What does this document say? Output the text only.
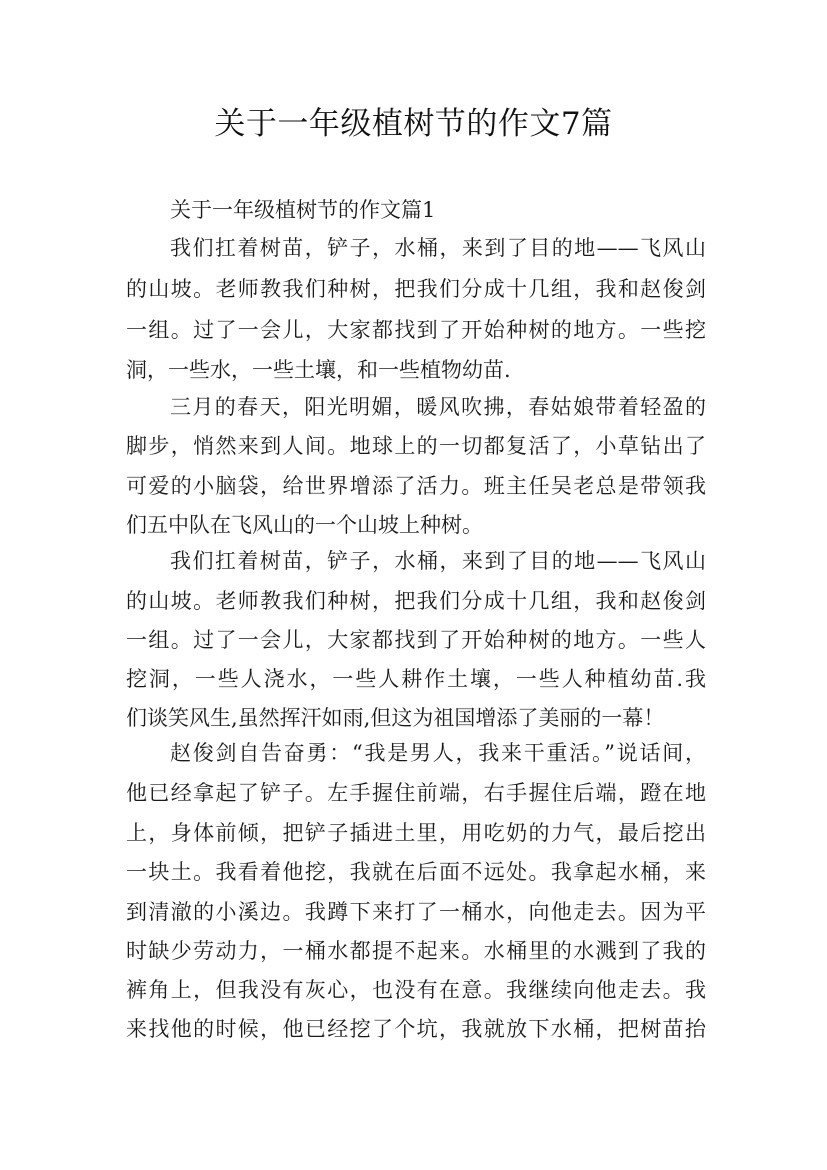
关于一年级植树节的作文7篇
关于一年级植树节的作文篇1
我们扛着树苗，铲子，水桶，来到了目的地——飞风山
的山坡。老师教我们种树，把我们分成十几组，我和赵俊剑
一组。过了一会儿，大家都找到了开始种树的地方。一些挖
洞，一些水，一些土壤，和一些植物幼苗.
三月的春天，阳光明媚，暖风吹拂，春姑娘带着轻盈的
脚步，悄然来到人间。地球上的一切都复活了，小草钻出了
可爱的小脑袋，给世界增添了活力。班主任吴老总是带领我
们五中队在飞风山的一个山坡上种树。
我们扛着树苗，铲子，水桶，来到了目的地——飞风山
的山坡。老师教我们种树，把我们分成十几组，我和赵俊剑
一组。过了一会儿，大家都找到了开始种树的地方。一些人
挖洞，一些人浇水，一些人耕作土壤，一些人种植幼苗.我
们谈笑风生,虽然挥汗如雨,但这为祖国增添了美丽的一幕！
赵俊剑自告奋勇：“我是男人，我来干重活。”说话间，
他已经拿起了铲子。左手握住前端，右手握住后端，蹬在地
上，身体前倾，把铲子插进土里，用吃奶的力气，最后挖出
一块土。我看着他挖，我就在后面不远处。我拿起水桶，来
到清澈的小溪边。我蹲下来打了一桶水，向他走去。因为平
时缺少劳动力，一桶水都提不起来。水桶里的水溅到了我的
裤角上，但我没有灰心，也没有在意。我继续向他走去。我
来找他的时候，他已经挖了个坑，我就放下水桶，把树苗抬
